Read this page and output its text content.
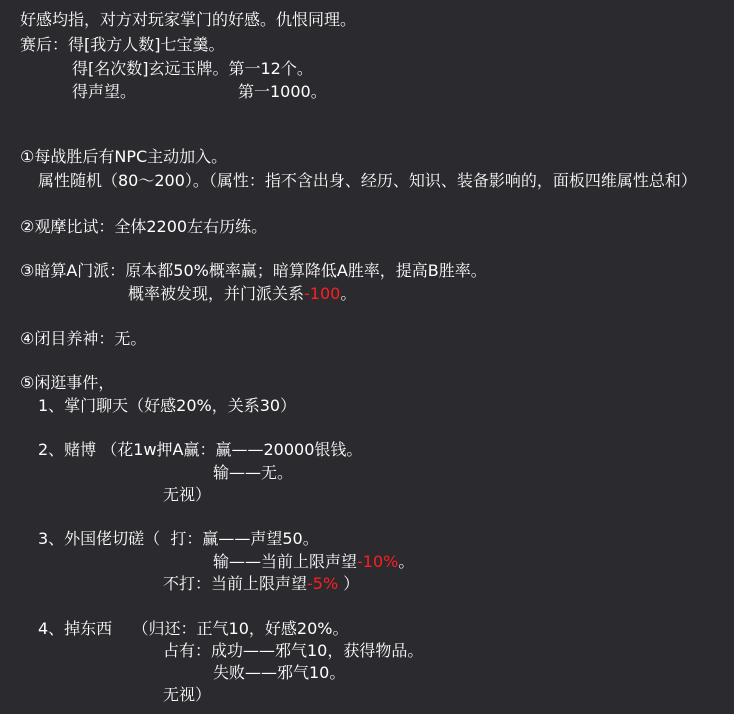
好感均指，对方对玩家掌门的好感。仇恨同理。
赛后：得[我方人数]七宝羹。
得[名次数]玄远玉牌。第一12个。
得声望。	第一1000。
①每战胜后有NPC主动加入。
属性随机（80～200）。（属性：指不含出身、经历、知识、装备影响的，面板四维属性总和）
②观摩比试：全体2200左右历练。
③暗算A门派：原本都50%概率赢；暗算降低A胜率，提高B胜率。
概率被发现，并门派关系-100。
④闭目养神：无。
⑤闲逛事件，
1、掌门聊天（好感20%，关系30）
2、赌博 （花1w押A赢：赢——20000银钱。
输——无。
无视）
3、外国佬切磋（  打：赢——声望50。
输——当前上限声望-10%。
不打：当前上限声望-5% ）
4、掉东西    （归还：正气10，好感20%。
占有：成功——邪气10，获得物品。
失败——邪气10。
无视）
